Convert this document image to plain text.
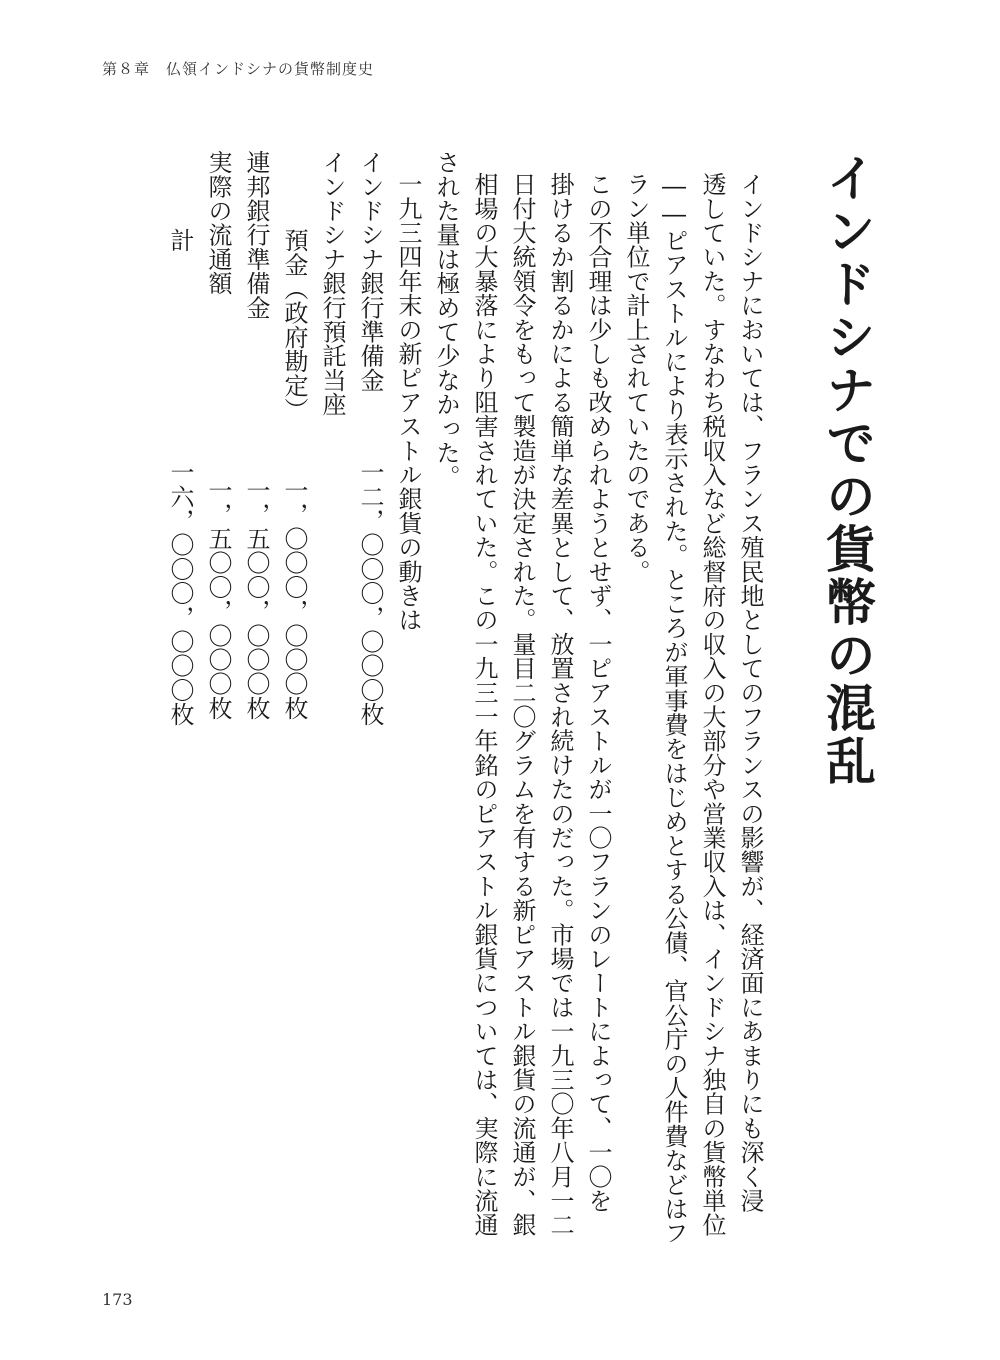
第８章　仏領インドシナの貨幣制度史
インドシナでの貨幣の混乱

インドシナにおいては、フランス殖民地としてのフランスの影響が、経済面にあまりにも深く浸

透していた。すなわち税収入など総督府の収入の大部分や営業収入は、インドシナ独自の貨幣単位

――ピアストルにより表示された。ところが軍事費をはじめとする公債、官公庁の人件費などはフ

ラン単位で計上されていたのである。

この不合理は少しも改められようとせず、一ピアストルが一〇フランのレートによって、一〇を

掛けるか割るかによる簡単な差異として、放置され続けたのだった。市場では一九三〇年八月一二

日付大統領令をもって製造が決定された。量目二〇グラムを有する新ピアストル銀貨の流通が、銀

相場の大暴落により阻害されていた。この一九三一年銘のピアストル銀貨については、実際に流通

された量は極めて少なかった。

一九三四年末の新ピアストル銀貨の動きは

インドシナ銀行準備金

一二，〇〇〇，〇〇〇枚

インドシナ銀行預託当座

預金（政府勘定）

一，〇〇〇，〇〇〇枚

連邦銀行準備金

一，五〇〇，〇〇〇枚

実際の流通額

一，五〇〇，〇〇〇枚

計

一六，〇〇〇，〇〇〇枚

173
